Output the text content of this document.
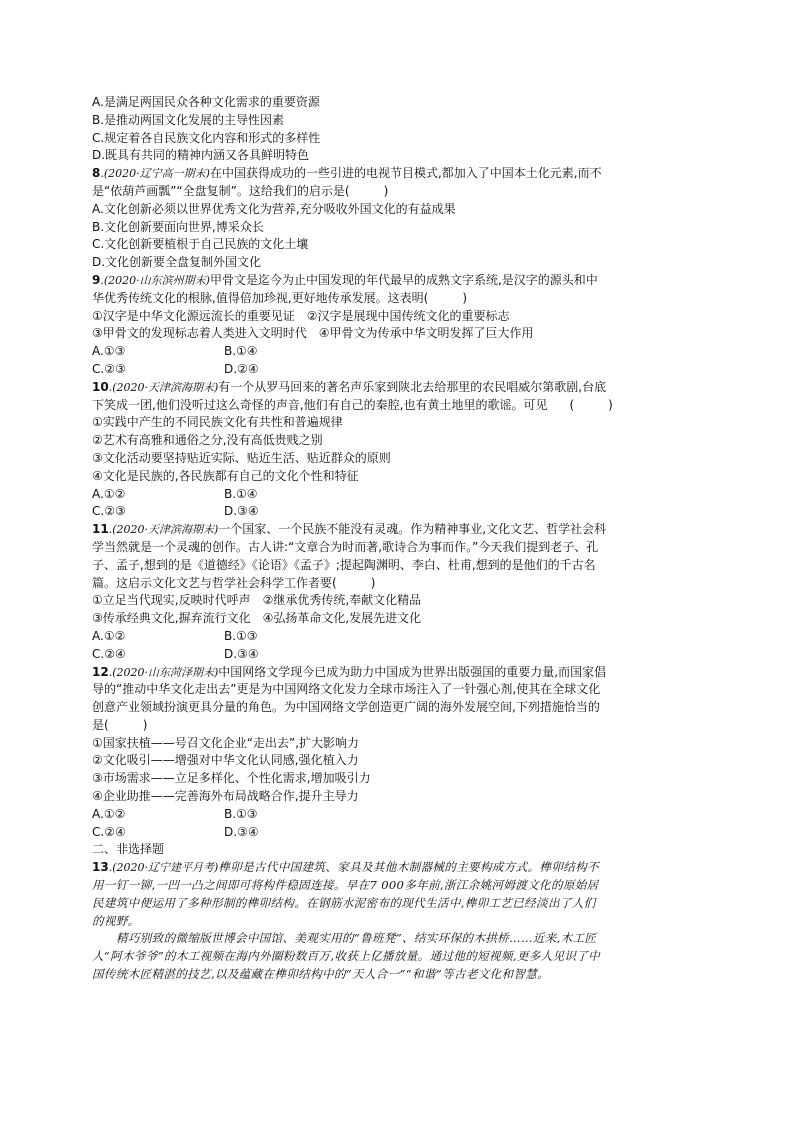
A.是满足两国民众各种文化需求的重要资源
B.是推动两国文化发展的主导性因素
C.规定着各自民族文化内容和形式的多样性
D.既具有共同的精神内涵又各具鲜明特色
8.(2020·辽宁高一期末)在中国获得成功的一些引进的电视节目模式,都加入了中国本土化元素,而不
是“依葫芦画瓢”“全盘复制”。这给我们的启示是(	)
A.文化创新必须以世界优秀文化为营养,充分吸收外国文化的有益成果
B.文化创新要面向世界,博采众长
C.文化创新要植根于自己民族的文化土壤
D.文化创新要全盘复制外国文化
9.(2020·山东滨州期末)甲骨文是迄今为止中国发现的年代最早的成熟文字系统,是汉字的源头和中
华优秀传统文化的根脉,值得倍加珍视,更好地传承发展。这表明(	)
①汉字是中华文化源远流长的重要见证　②汉字是展现中国传统文化的重要标志
③甲骨文的发现标志着人类进入文明时代　④甲骨文为传承中华文明发挥了巨大作用
A.①③	B.①④
C.②③	D.②④
10.(2020·天津滨海期末)有一个从罗马回来的著名声乐家到陕北去给那里的农民唱威尔第歌剧,台底
下笑成一团,他们没听过这么奇怪的声音,他们有自己的秦腔,也有黄土地里的歌谣。可见 (	)
①实践中产生的不同民族文化有共性和普遍规律
②艺术有高雅和通俗之分,没有高低贵贱之别
③文化活动要坚持贴近实际、贴近生活、贴近群众的原则
④文化是民族的,各民族都有自己的文化个性和特征
A.①②	B.①④
C.②③	D.③④
11.(2020·天津滨海期末)一个国家、一个民族不能没有灵魂。作为精神事业,文化文艺、哲学社会科
学当然就是一个灵魂的创作。古人讲:“文章合为时而著,歌诗合为事而作。”今天我们提到老子、孔
子、孟子,想到的是《道德经》《论语》《孟子》;提起陶渊明、李白、杜甫,想到的是他们的千古名
篇。这启示文化文艺与哲学社会科学工作者要(	)
①立足当代现实,反映时代呼声　②继承优秀传统,奉献文化精品
③传承经典文化,摒弃流行文化　④弘扬革命文化,发展先进文化
A.①②	B.①③
C.②④	D.③④
12.(2020·山东菏泽期末)中国网络文学现今已成为助力中国成为世界出版强国的重要力量,而国家倡
导的“推动中华文化走出去”更是为中国网络文化发力全球市场注入了一针强心剂,使其在全球文化
创意产业领域扮演更具分量的角色。为中国网络文学创造更广阔的海外发展空间,下列措施恰当的
是(	)
①国家扶植——号召文化企业“走出去”,扩大影响力
②文化吸引——增强对中华文化认同感,强化植入力
③市场需求——立足多样化、个性化需求,增加吸引力
④企业助推——完善海外布局战略合作,提升主导力
A.①②	B.①③
C.②④	D.③④
二、非选择题
13.(2020·辽宁建平月考)榫卯是古代中国建筑、家具及其他木制器械的主要构成方式。榫卯结构不
用一钉一铆,一凹一凸之间即可将构件稳固连接。早在7 000多年前,浙江余姚河姆渡文化的原始居
民建筑中便运用了多种形制的榫卯结构。在钢筋水泥密布的现代生活中,榫卯工艺已经淡出了人们
的视野。
精巧别致的微缩版世博会中国馆、美观实用的“鲁班凳”、结实环保的木拱桥……近来,木工匠
人“阿木爷爷”的木工视频在海内外圈粉数百万,收获上亿播放量。通过他的短视频,更多人见识了中
国传统木匠精湛的技艺,以及蕴藏在榫卯结构中的“天人合一”“和谐”等古老文化和智慧。
